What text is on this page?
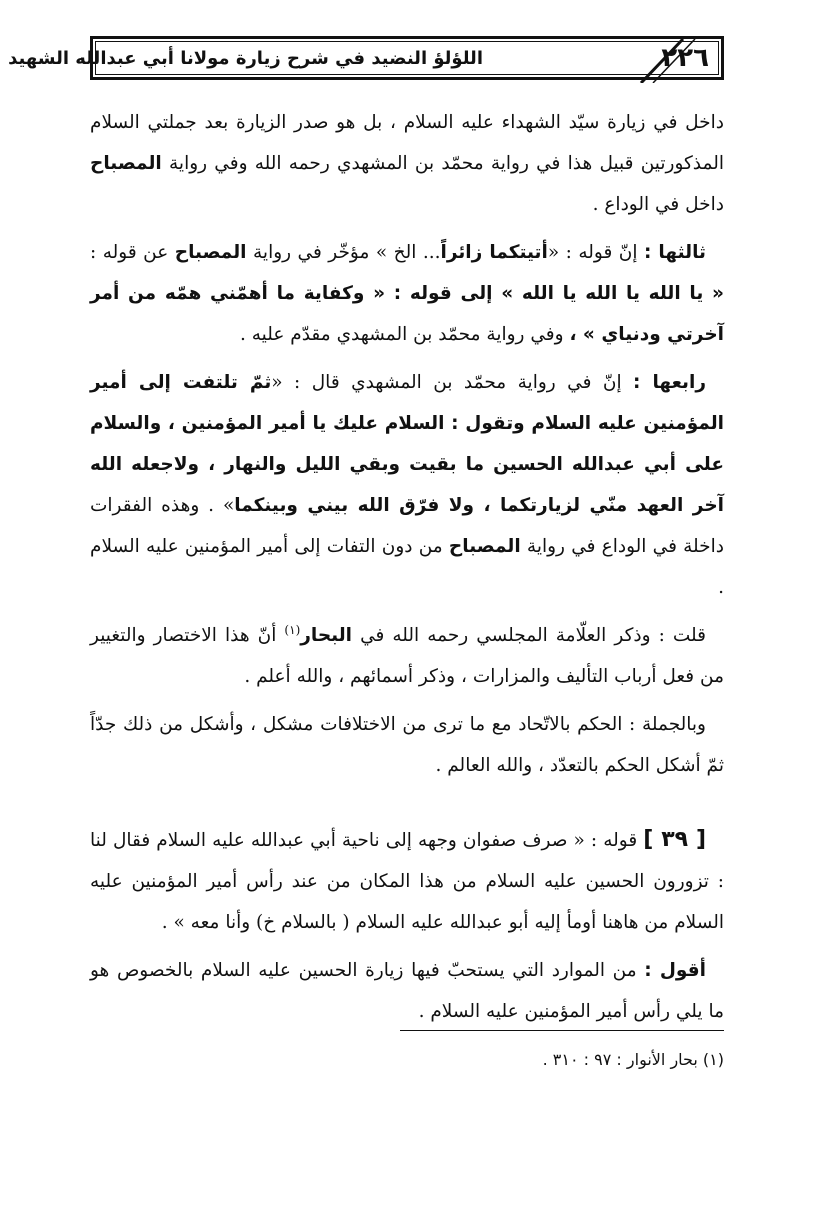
٢٢٦
اللؤلؤ النضيد في شرح زيارة مولانا أبي عبدالله الشهيد

داخل في زيارة سيّد الشهداء عليه السلام ، بل هو صدر الزيارة بعد جملتي السلام المذكورتين قبيل هذا في رواية محمّد بن المشهدي رحمه الله وفي رواية المصباح داخل في الوداع .

ثالثها : إنّ قوله : «أتيتكما زائراً... الخ » مؤخّر في رواية المصباح عن قوله : « يا الله يا الله يا الله » إلى قوله : « وكفاية ما أهمّني همّه من أمر آخرتي ودنياي » ، وفي رواية محمّد بن المشهدي مقدّم عليه .

رابعها : إنّ في رواية محمّد بن المشهدي قال : «ثمّ تلتفت إلى أمير المؤمنين عليه السلام وتقول : السلام عليك يا أمير المؤمنين ، والسلام على أبي عبدالله الحسين ما بقيت وبقي الليل والنهار ، ولاجعله الله آخر العهد منّي لزيارتكما ، ولا فرّق الله بيني وبينكما» . وهذه الفقرات داخلة في الوداع في رواية المصباح من دون التفات إلى أمير المؤمنين عليه السلام .

قلت : وذكر العلّامة المجلسي رحمه الله في البحار$^{(١)}$ أنّ هذا الاختصار والتغيير من فعل أرباب التأليف والمزارات ، وذكر أسمائهم ، والله أعلم .

وبالجملة : الحكم بالاتّحاد مع ما ترى من الاختلافات مشكل ، وأشكل من ذلك جدّاً ثمّ أشكل الحكم بالتعدّد ، والله العالم .

[ ٣٩ ] قوله : « صرف صفوان وجهه إلى ناحية أبي عبدالله عليه السلام فقال لنا : تزورون الحسين عليه السلام من هذا المكان من عند رأس أمير المؤمنين عليه السلام من هاهنا أومأ إليه أبو عبدالله عليه السلام ( بالسلام خ) وأنا معه » .

أقول : من الموارد التي يستحبّ فيها زيارة الحسين عليه السلام بالخصوص هو ما يلي رأس أمير المؤمنين عليه السلام .

(١) بحار الأنوار : ٩٧ : ٣١٠ .
